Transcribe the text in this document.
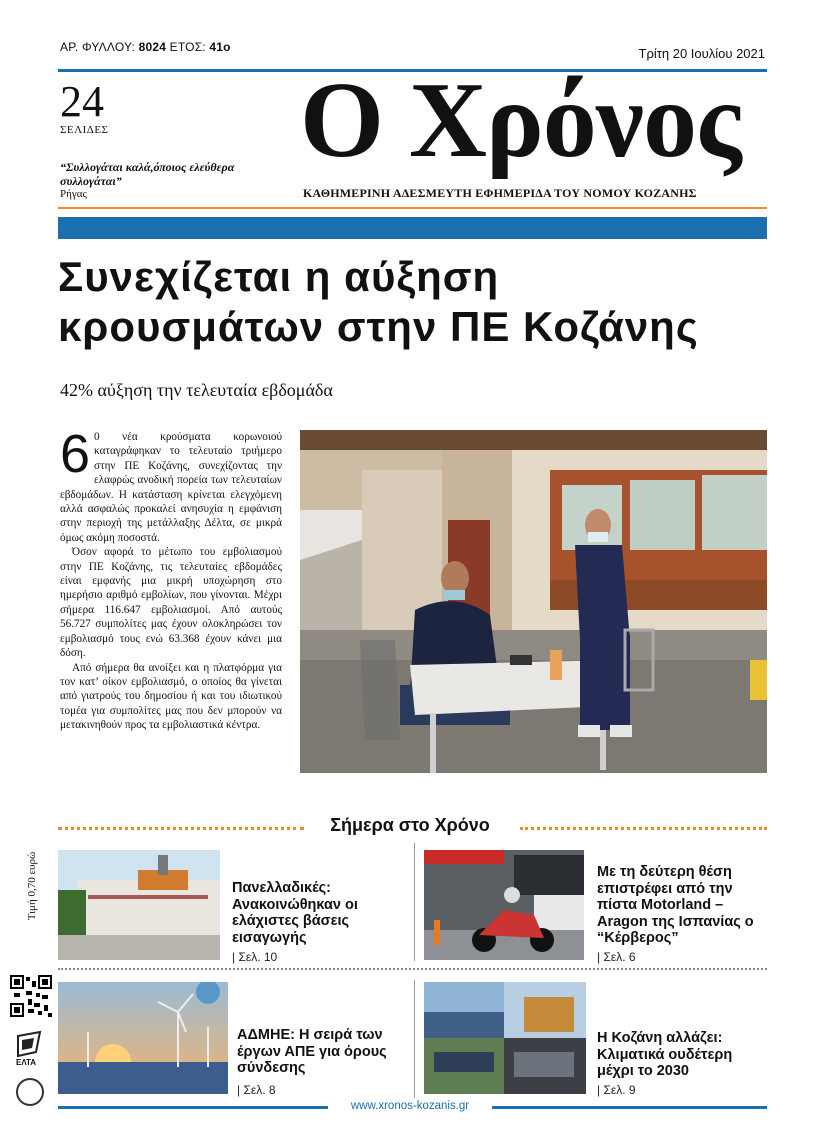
ΑΡ. ΦΥΛΛΟΥ: 8024 ΕΤΟΣ: 41ο	Τρίτη 20 Ιουλίου 2021
24
ΣΕΛΙΔΕΣ
“Συλλογάται καλά,όποιος ελεύθερα συλλογάται”
Ρήγας
Ο Χρόνος
ΚΑΘΗΜΕΡΙΝΗ ΑΔΕΣΜΕΥΤΗ ΕΦΗΜΕΡΙΔΑ ΤΟΥ ΝΟΜΟΥ ΚΟΖΑΝΗΣ
Συνεχίζεται η αύξηση
κρουσμάτων στην ΠΕ Κοζάνης
42% αύξηση την τελευταία εβδομάδα

6 0 νέα κρούσματα κορωνοιού καταγράφηκαν το τελευταίο τριήμερο στην ΠΕ Κοζάνης, συνεχίζοντας την ελαφρώς ανοδική πορεία των τελευταίων εβδομάδων. Η κατάσταση κρίνεται ελεγχόμενη αλλά ασφαλώς προκαλεί ανησυχία η εμφάνιση στην περιοχή της μετάλλαξης Δέλτα, σε μικρά όμως ακόμη ποσοστά.

Όσον αφορά το μέτωπο του εμβολιασμού στην ΠΕ Κοζάνης, τις τελευταίες εβδομάδες είναι εμφανής μια μικρή υποχώρηση στο ημερήσιο αριθμό εμβολίων, που γίνονται. Μέχρι σήμερα 116.647 εμβολιασμοί. Από αυτούς 56.727 συμπολίτες μας έχουν ολοκληρώσει τον εμβολιασμό τους ενώ 63.368 έχουν κάνει μια δόση.

Από σήμερα θα ανοίξει και η πλατφόρμα για τον κατ’ οίκον εμβολιασμό, ο οποίος θα γίνεται από γιατρούς του δημοσίου ή και του ιδιωτικού τομέα για συμπολίτες μας που δεν μπορούν να μετακινηθούν προς τα εμβολιαστικά κέντρα.

Σήμερα στο Χρόνο
Πανελλαδικές: Ανακοινώθηκαν οι ελάχιστες βάσεις εισαγωγής
| Σελ. 10
Με τη δεύτερη θέση επιστρέφει από την πίστα Motorland – Aragon της Ισπανίας ο “Κέρβερος”
| Σελ. 6
ΑΔΜΗΕ: Η σειρά των έργων ΑΠΕ για όρους σύνδεσης
| Σελ. 8
Η Κοζάνη αλλάζει: Κλιματικά ουδέτερη μέχρι το 2030
| Σελ. 9
Τιμή 0,70 ευρώ
ΕΛΤΑ
www.xronos-kozanis.gr
